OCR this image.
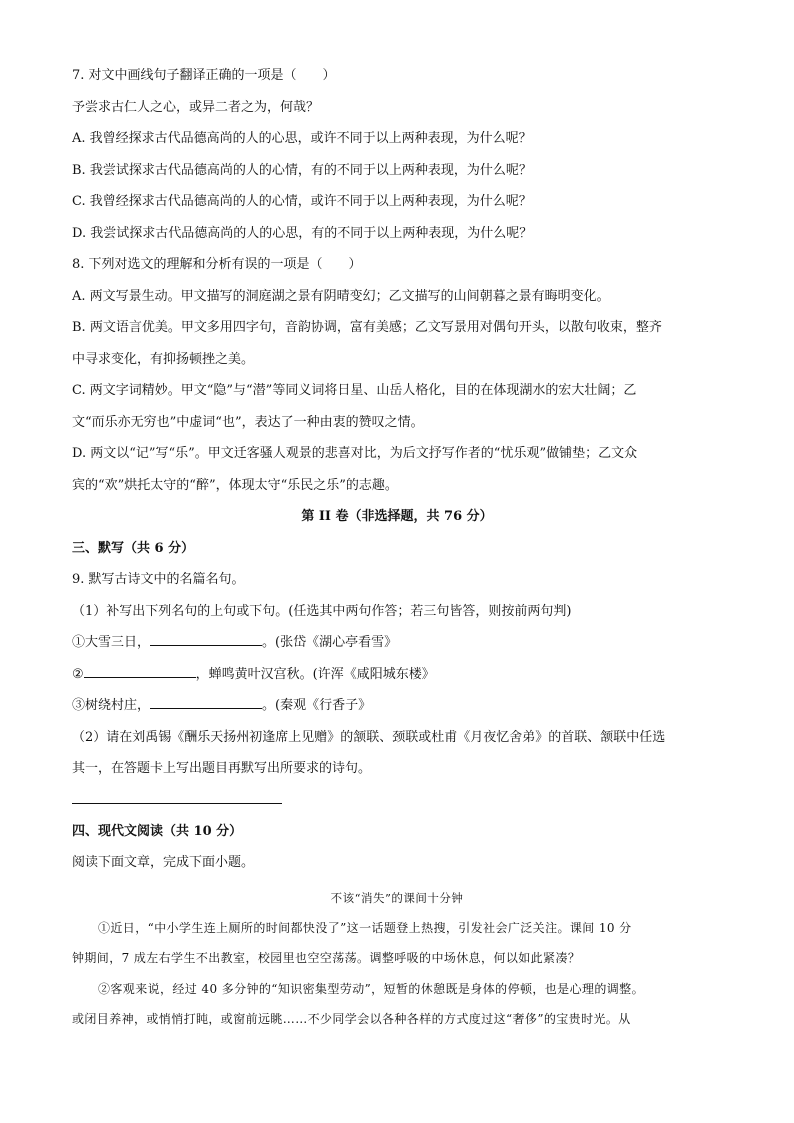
7. 对文中画线句子翻译正确的一项是（　　）
予尝求古仁人之心，或异二者之为，何哉？
A. 我曾经探求古代品德高尚的人的心思，或许不同于以上两种表现，为什么呢？
B. 我尝试探求古代品德高尚的人的心情，有的不同于以上两种表现，为什么呢？
C. 我曾经探求古代品德高尚的人的心情，或许不同于以上两种表现，为什么呢？
D. 我尝试探求古代品德高尚的人的心思，有的不同于以上两种表现，为什么呢？
8. 下列对选文的理解和分析有误的一项是（　　）
A. 两文写景生动。甲文描写的洞庭湖之景有阴晴变幻；乙文描写的山间朝暮之景有晦明变化。
B. 两文语言优美。甲文多用四字句，音韵协调，富有美感；乙文写景用对偶句开头，以散句收束，整齐
中寻求变化，有抑扬顿挫之美。
C. 两文字词精妙。甲文“隐”与“潜”等同义词将日星、山岳人格化，目的在体现湖水的宏大壮阔；乙
文“而乐亦无穷也”中虚词“也”，表达了一种由衷的赞叹之情。
D. 两文以“记”写“乐”。甲文迁客骚人观景的悲喜对比，为后文抒写作者的“忧乐观”做铺垫；乙文众
宾的“欢”烘托太守的“醉”，体现太守“乐民之乐”的志趣。
第 II 卷（非选择题，共 76 分）
三、默写（共 6 分）
9. 默写古诗文中的名篇名句。
（1）补写出下列名句的上句或下句。(任选其中两句作答；若三句皆答，则按前两句判)
①大雪三日，	。(张岱《湖心亭看雪》
②	，蝉鸣黄叶汉宫秋。(许浑《咸阳城东楼》
③树绕村庄，	。(秦观《行香子》
（2）请在刘禹锡《酬乐天扬州初逢席上见赠》的颔联、颈联或杜甫《月夜忆舍弟》的首联、颔联中任选
其一，在答题卡上写出题目再默写出所要求的诗句。
四、现代文阅读（共 10 分）
阅读下面文章，完成下面小题。
不该“消失”的课间十分钟
①近日，“中小学生连上厕所的时间都快没了”这一话题登上热搜，引发社会广泛关注。课间 10 分
钟期间，7 成左右学生不出教室，校园里也空空荡荡。调整呼吸的中场休息，何以如此紧凑？
②客观来说，经过 40 多分钟的“知识密集型劳动”，短暂的休憩既是身体的停顿，也是心理的调整。
或闭目养神，或悄悄打盹，或窗前远眺……不少同学会以各种各样的方式度过这“奢侈”的宝贵时光。从
